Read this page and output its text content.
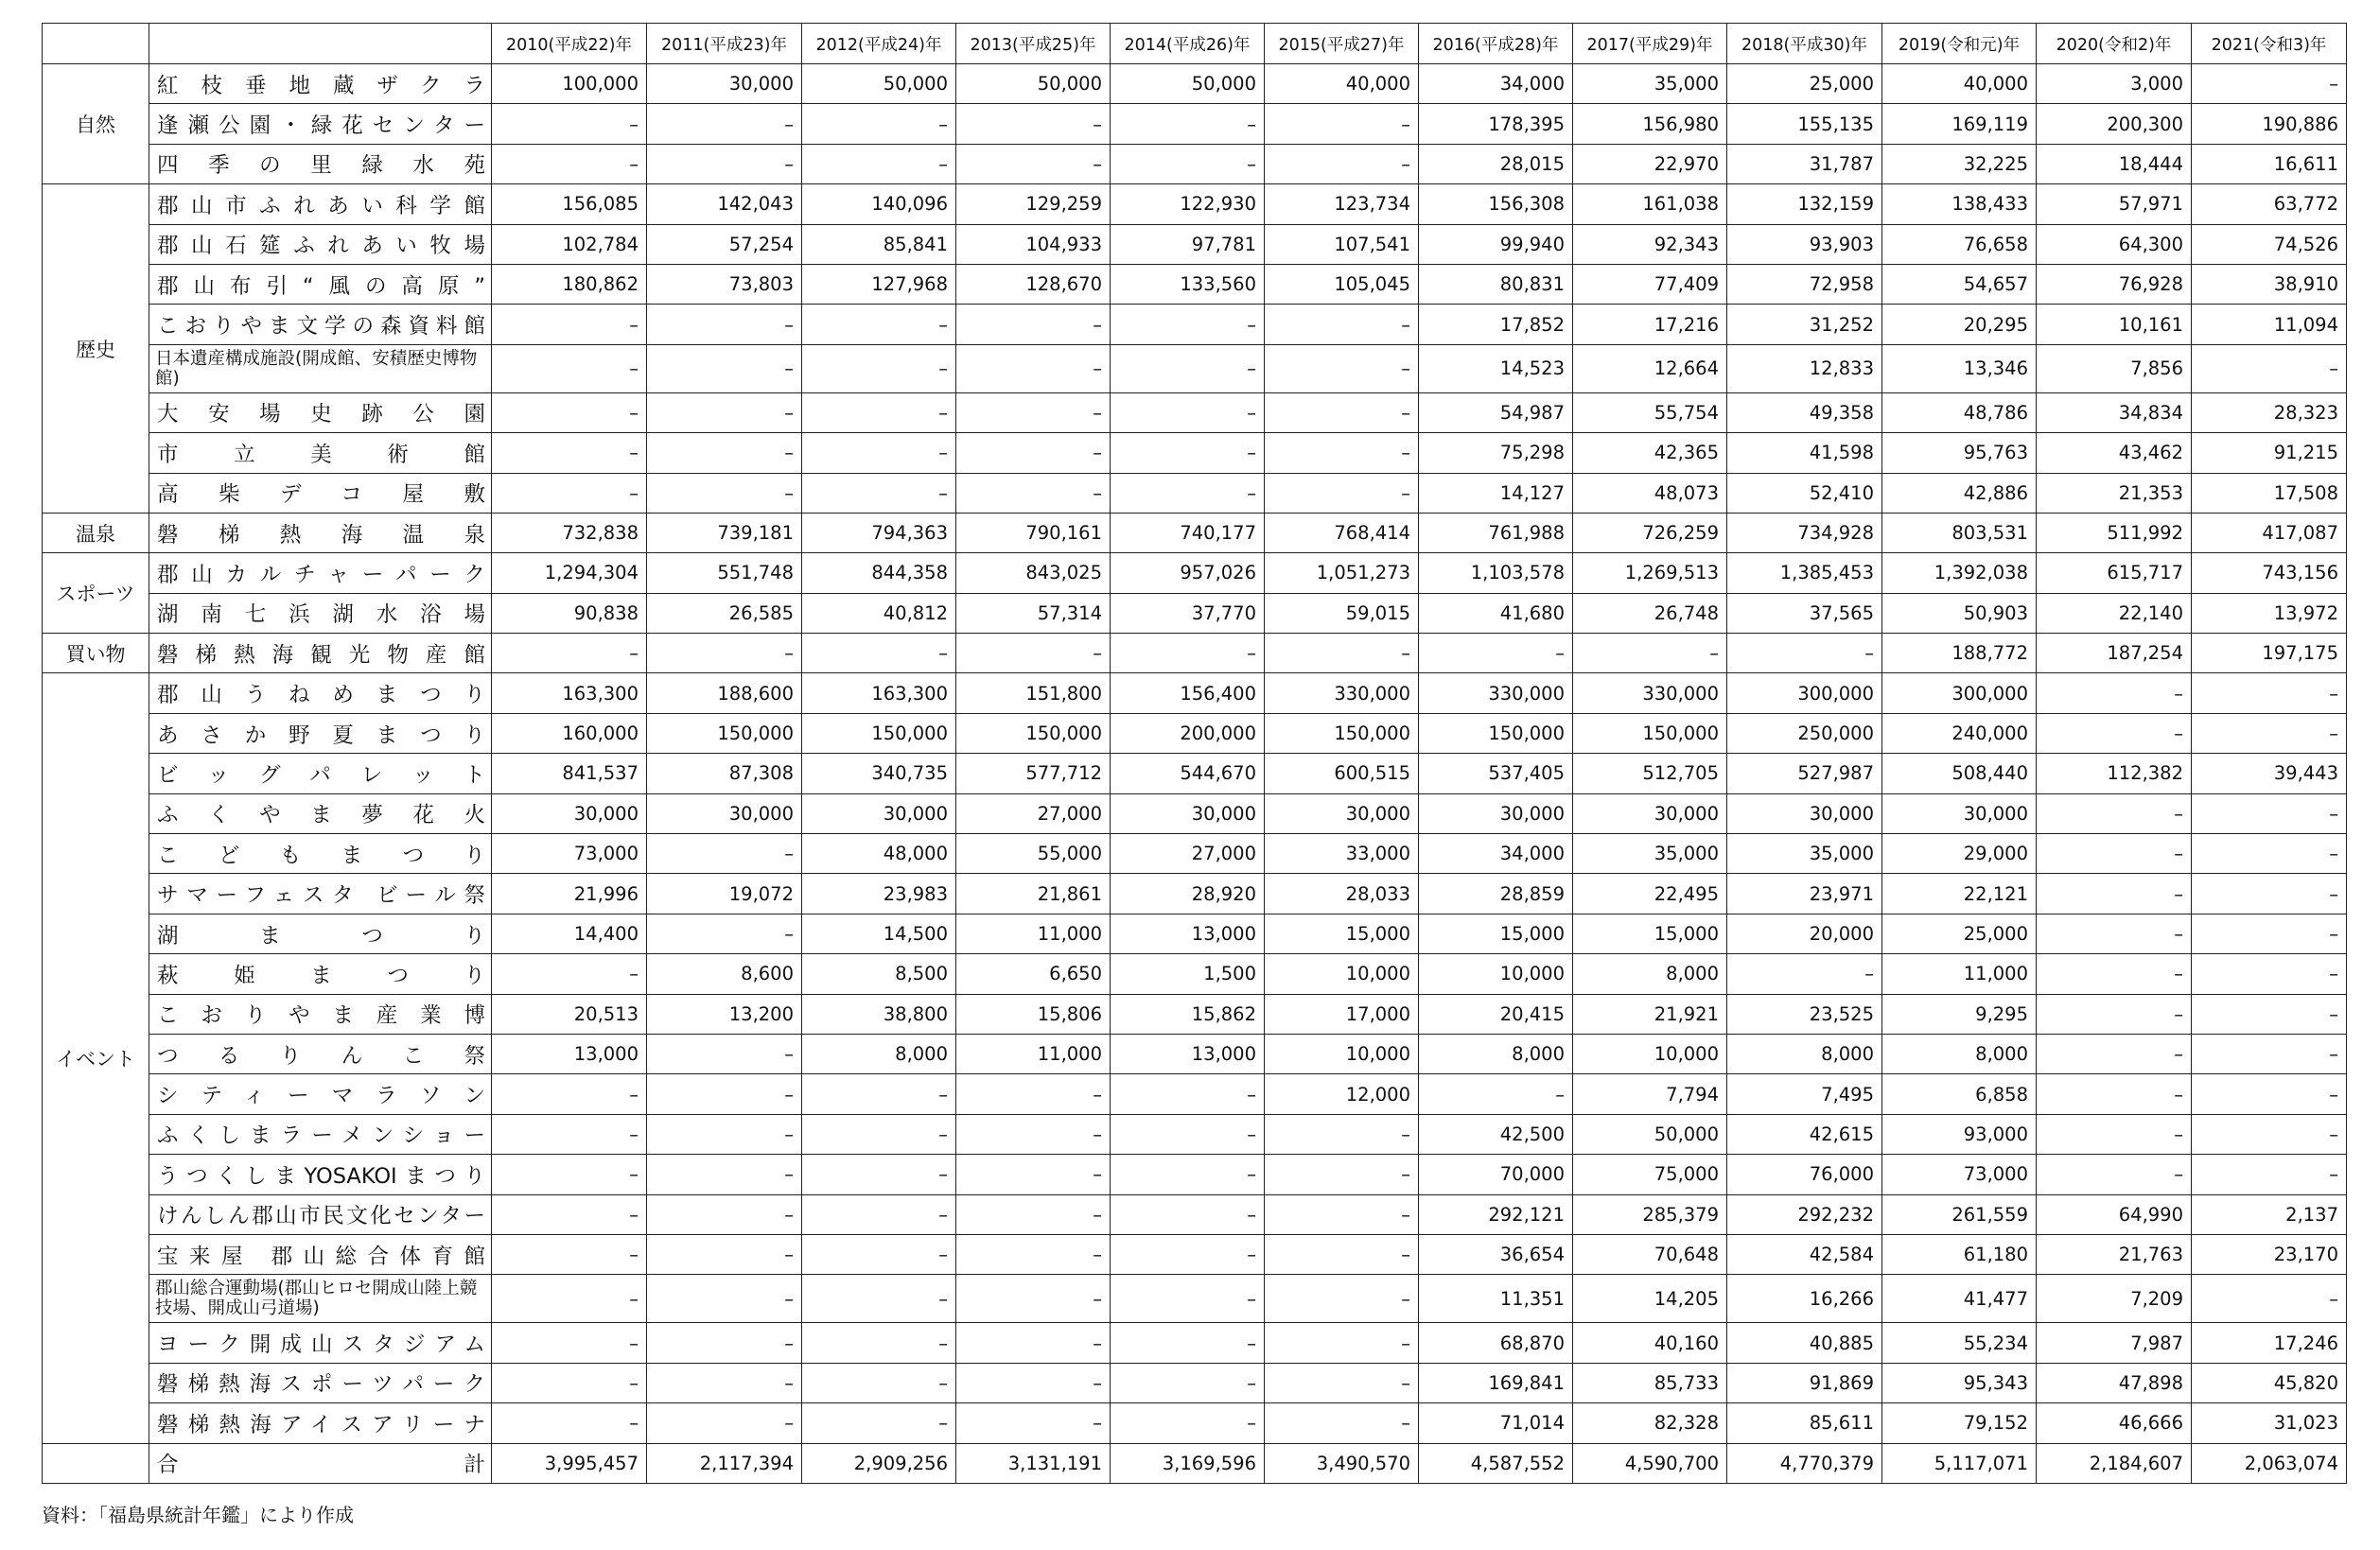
		2010(平成22)年	2011(平成23)年	2012(平成24)年	2013(平成25)年	2014(平成26)年	2015(平成27)年	2016(平成28)年	2017(平成29)年	2018(平成30)年	2019(令和元)年	2020(令和2)年	2021(令和3)年
自然	紅枝垂地蔵ザクラ	100,000	30,000	50,000	50,000	50,000	40,000	34,000	35,000	25,000	40,000	3,000	–
	逢瀬公園・緑花センター	–	–	–	–	–	–	178,395	156,980	155,135	169,119	200,300	190,886
	四季の里緑水苑	–	–	–	–	–	–	28,015	22,970	31,787	32,225	18,444	16,611
歴史	郡山市ふれあい科学館	156,085	142,043	140,096	129,259	122,930	123,734	156,308	161,038	132,159	138,433	57,971	63,772
	郡山石筵ふれあい牧場	102,784	57,254	85,841	104,933	97,781	107,541	99,940	92,343	93,903	76,658	64,300	74,526
	郡山布引“風の高原”	180,862	73,803	127,968	128,670	133,560	105,045	80,831	77,409	72,958	54,657	76,928	38,910
	こおりやま文学の森資料館	–	–	–	–	–	–	17,852	17,216	31,252	20,295	10,161	11,094
	日本遺産構成施設(開成館、安積歴史博物館)	–	–	–	–	–	–	14,523	12,664	12,833	13,346	7,856	–
	大安場史跡公園	–	–	–	–	–	–	54,987	55,754	49,358	48,786	34,834	28,323
	市立美術館	–	–	–	–	–	–	75,298	42,365	41,598	95,763	43,462	91,215
	高柴デコ屋敷	–	–	–	–	–	–	14,127	48,073	52,410	42,886	21,353	17,508
温泉	磐梯熱海温泉	732,838	739,181	794,363	790,161	740,177	768,414	761,988	726,259	734,928	803,531	511,992	417,087
スポーツ	郡山カルチャーパーク	1,294,304	551,748	844,358	843,025	957,026	1,051,273	1,103,578	1,269,513	1,385,453	1,392,038	615,717	743,156
	湖南七浜湖水浴場	90,838	26,585	40,812	57,314	37,770	59,015	41,680	26,748	37,565	50,903	22,140	13,972
買い物	磐梯熱海観光物産館	–	–	–	–	–	–	–	–	–	188,772	187,254	197,175
イベント	郡山うねめまつり	163,300	188,600	163,300	151,800	156,400	330,000	330,000	330,000	300,000	300,000	–	–
	あさか野夏まつり	160,000	150,000	150,000	150,000	200,000	150,000	150,000	150,000	250,000	240,000	–	–
	ビッグパレット	841,537	87,308	340,735	577,712	544,670	600,515	537,405	512,705	527,987	508,440	112,382	39,443
	ふくやま夢花火	30,000	30,000	30,000	27,000	30,000	30,000	30,000	30,000	30,000	30,000	–	–
	こどもまつり	73,000	–	48,000	55,000	27,000	33,000	34,000	35,000	35,000	29,000	–	–
	サマーフェスタ ビール祭	21,996	19,072	23,983	21,861	28,920	28,033	28,859	22,495	23,971	22,121	–	–
	湖まつり	14,400	–	14,500	11,000	13,000	15,000	15,000	15,000	20,000	25,000	–	–
	萩姫まつり	–	8,600	8,500	6,650	1,500	10,000	10,000	8,000	–	11,000	–	–
	こおりやま産業博	20,513	13,200	38,800	15,806	15,862	17,000	20,415	21,921	23,525	9,295	–	–
	つるりんこ祭	13,000	–	8,000	11,000	13,000	10,000	8,000	10,000	8,000	8,000	–	–
	シティーマラソン	–	–	–	–	–	12,000	–	7,794	7,495	6,858	–	–
	ふくしまラーメンショー	–	–	–	–	–	–	42,500	50,000	42,615	93,000	–	–
	うつくしまYOSAKOIまつり	–	–	–	–	–	–	70,000	75,000	76,000	73,000	–	–
	けんしん郡山市民文化センター	–	–	–	–	–	–	292,121	285,379	292,232	261,559	64,990	2,137
	宝来屋 郡山総合体育館	–	–	–	–	–	–	36,654	70,648	42,584	61,180	21,763	23,170
	郡山総合運動場(郡山ヒロセ開成山陸上競技場、開成山弓道場)	–	–	–	–	–	–	11,351	14,205	16,266	41,477	7,209	–
	ヨーク開成山スタジアム	–	–	–	–	–	–	68,870	40,160	40,885	55,234	7,987	17,246
	磐梯熱海スポーツパーク	–	–	–	–	–	–	169,841	85,733	91,869	95,343	47,898	45,820
	磐梯熱海アイスアリーナ	–	–	–	–	–	–	71,014	82,328	85,611	79,152	46,666	31,023
	合計	3,995,457	2,117,394	2,909,256	3,131,191	3,169,596	3,490,570	4,587,552	4,590,700	4,770,379	5,117,071	2,184,607	2,063,074
資料：「福島県統計年鑑」により作成
